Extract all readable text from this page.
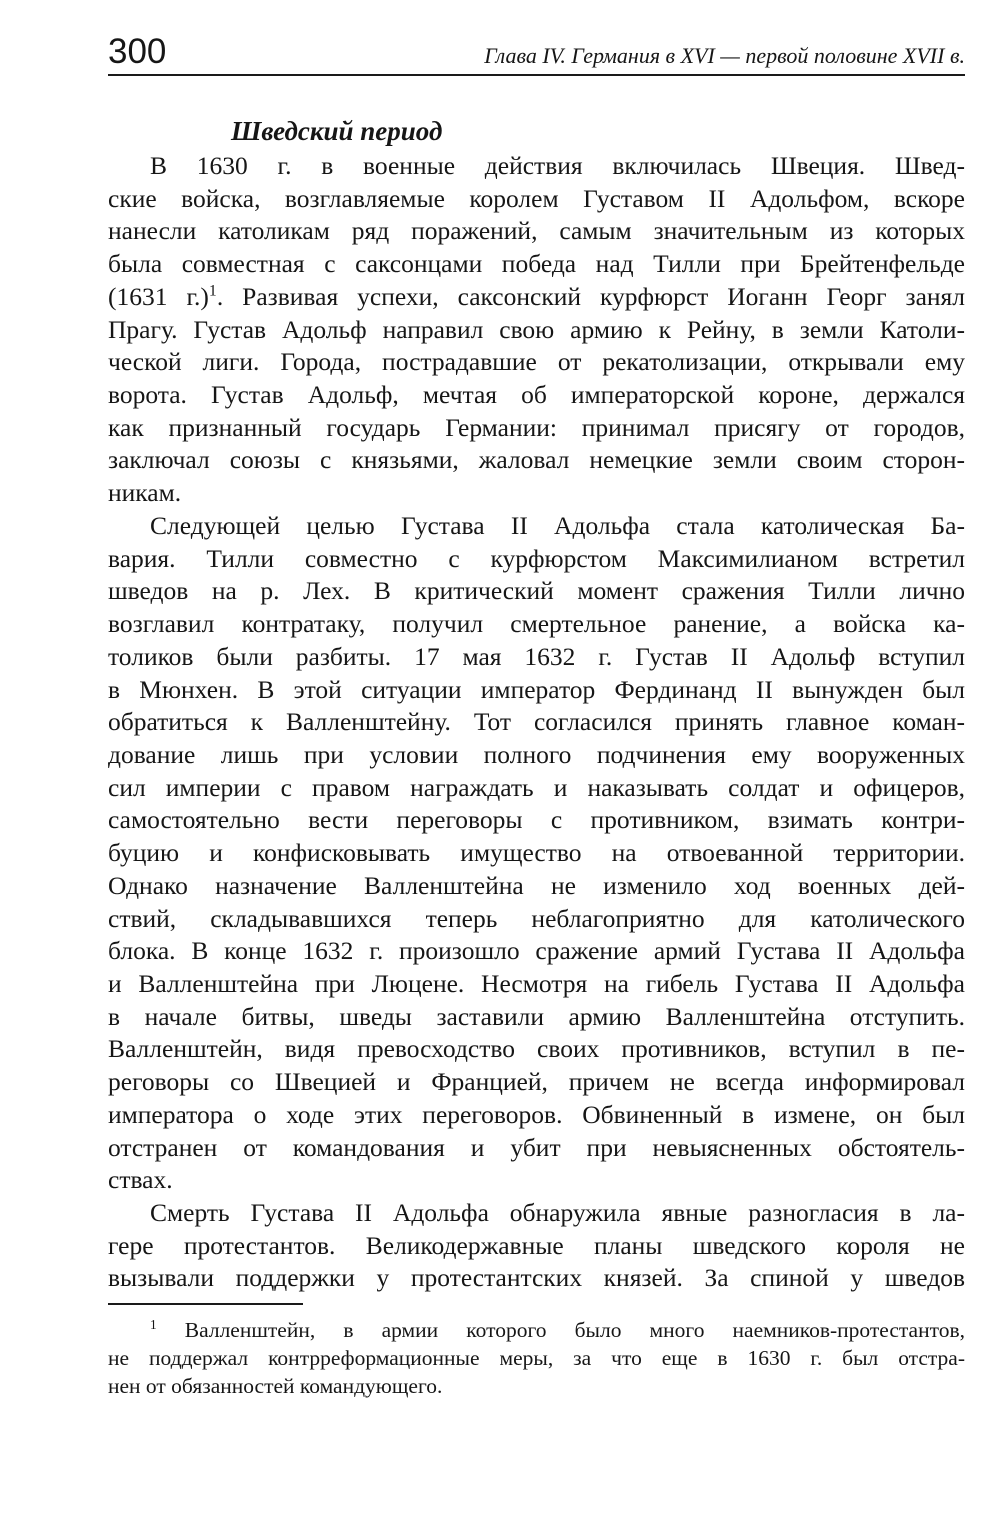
300	Глава IV. Германия в XVI — первой половине XVII в.
Шведский период
В 1630 г. в военные действия включилась Швеция. Швед-
ские войска, возглавляемые королем Густавом II Адольфом, вскоре
нанесли католикам ряд поражений, самым значительным из которых
была совместная с саксонцами победа над Тилли при Брейтенфельде
(1631 г.)$^1$. Развивая успехи, саксонский курфюрст Иоганн Георг занял
Прагу. Густав Адольф направил свою армию к Рейну, в земли Католи-
ческой лиги. Города, пострадавшие от рекатолизации, открывали ему
ворота. Густав Адольф, мечтая об императорской короне, держался
как признанный государь Германии: принимал присягу от городов,
заключал союзы с князьями, жаловал немецкие земли своим сторон-
никам.
Следующей целью Густава II Адольфа стала католическая Ба-
вария. Тилли совместно с курфюрстом Максимилианом встретил
шведов на р. Лех. В критический момент сражения Тилли лично
возглавил контратаку, получил смертельное ранение, а войска ка-
толиков были разбиты. 17 мая 1632 г. Густав II Адольф вступил
в Мюнхен. В этой ситуации император Фердинанд II вынужден был
обратиться к Валленштейну. Тот согласился принять главное коман-
дование лишь при условии полного подчинения ему вооруженных
сил империи с правом награждать и наказывать солдат и офицеров,
самостоятельно вести переговоры с противником, взимать контри-
буцию и конфисковывать имущество на отвоеванной территории.
Однако назначение Валленштейна не изменило ход военных дей-
ствий, складывавшихся теперь неблагоприятно для католического
блока. В конце 1632 г. произошло сражение армий Густава II Адольфа
и Валленштейна при Люцене. Несмотря на гибель Густава II Адольфа
в начале битвы, шведы заставили армию Валленштейна отступить.
Валленштейн, видя превосходство своих противников, вступил в пе-
реговоры со Швецией и Францией, причем не всегда информировал
императора о ходе этих переговоров. Обвиненный в измене, он был
отстранен от командования и убит при невыясненных обстоятель-
ствах.
Смерть Густава II Адольфа обнаружила явные разногласия в ла-
гере протестантов. Великодержавные планы шведского короля не
вызывали поддержки у протестантских князей. За спиной у шведов
$^1$ Валленштейн, в армии которого было много наемников-протестантов,
не поддержал контрреформационные меры, за что еще в 1630 г. был отстра-
нен от обязанностей командующего.
